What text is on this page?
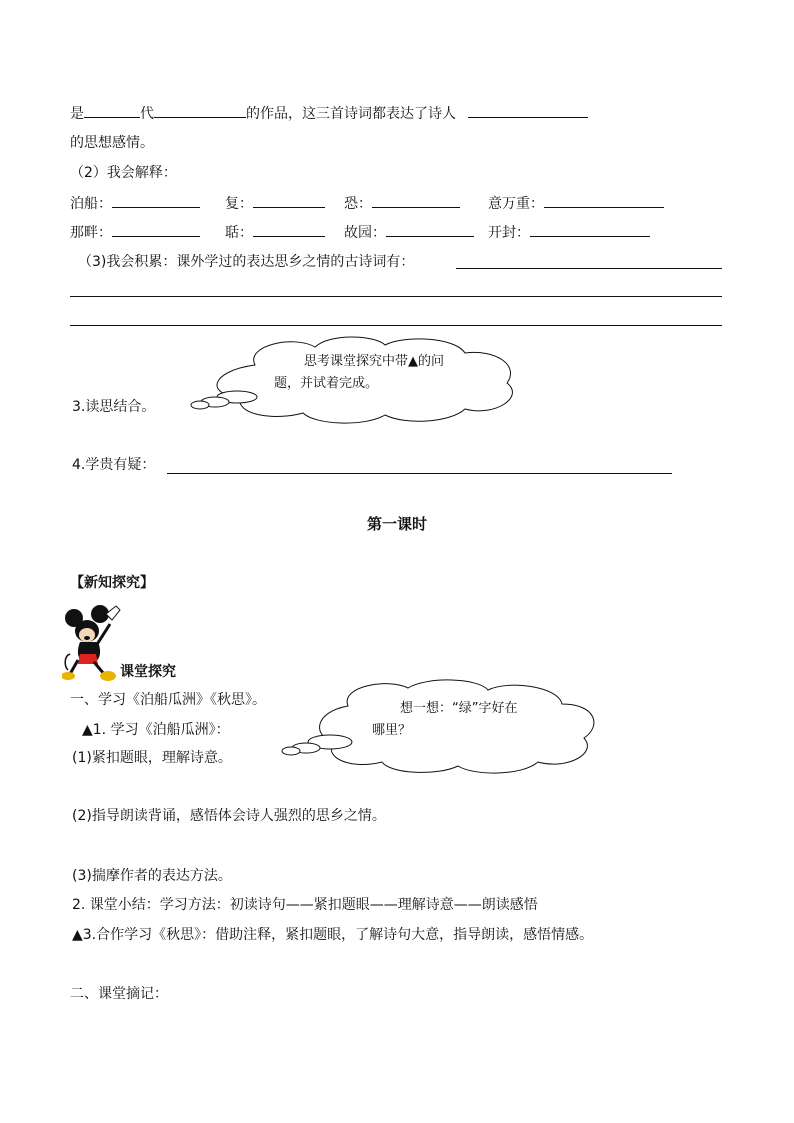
是	代	的作品，这三首诗词都表达了诗人
的思想感情。
（2）我会解释：
泊船：	复：	恐：	意万重：
那畔：	聒：	故园：	开封：
（3)我会积累：课外学过的表达思乡之情的古诗词有：
思考课堂探究中带▲的问
题，并试着完成。
3.读思结合。
4.学贵有疑：
第一课时
【新知探究】
课堂探究
一、学习《泊船瓜洲》《秋思》。
▲1. 学习《泊船瓜洲》：
想一想：“绿”字好在
哪里？
(1)紧扣题眼，理解诗意。
(2)指导朗读背诵，感悟体会诗人强烈的思乡之情。
(3)揣摩作者的表达方法。
2. 课堂小结：学习方法：初读诗句——紧扣题眼——理解诗意——朗读感悟
▲3.合作学习《秋思》：借助注释，紧扣题眼，了解诗句大意，指导朗读，感悟情感。
二、课堂摘记：
